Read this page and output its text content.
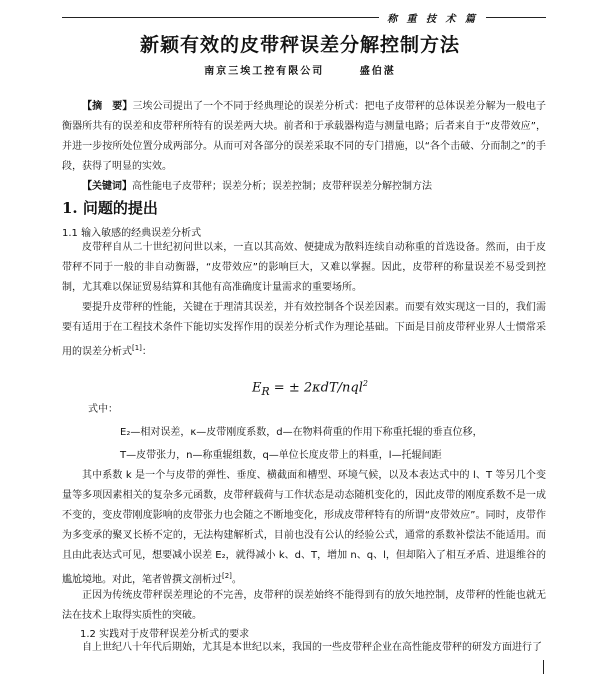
称 重 技 术 篇
新颖有效的皮带秤误差分解控制方法
南京三埃工控有限公司	盛伯湛
【摘　要】三埃公司提出了一个不同于经典理论的误差分析式：把电子皮带秤的总体误差分解为一般电子衡器所共有的误差和皮带秤所特有的误差两大块。前者和于承载器构造与测量电路；后者来自于“皮带效应”，并进一步按所处位置分成两部分。从而可对各部分的误差采取不同的专门措施，以“各个击破、分而制之”的手段，获得了明显的实效。
【关键词】高性能电子皮带秤；误差分析；误差控制；皮带秤误差分解控制方法
1. 问题的提出
1.1 输入敏感的经典误差分析式
皮带秤自从二十世纪初问世以来，一直以其高效、便捷成为散料连续自动称重的首选设备。然而，由于皮带秤不同于一般的非自动衡器，“皮带效应”的影响巨大，又难以掌握。因此，皮带秤的称量误差不易受到控制，尤其难以保证贸易结算和其他有高准确度计量需求的重要场所。
要提升皮带秤的性能，关键在于理清其误差，并有效控制各个误差因素。而要有效实现这一目的，我们需要有适用于在工程技术条件下能切实发挥作用的误差分析式作为理论基础。下面是目前皮带秤业界人士惯常采用的误差分析式[1]：
$E_R$ = ± 2κdT/nql$^2$
式中：
E₂—相对误差，κ—皮带刚度系数，d—在物料荷重的作用下称重托辊的垂直位移，
T—皮带张力，n—称重辊组数，q—单位长度皮带上的料重，l—托辊间距
其中系数 k 是一个与皮带的弹性、垂度、横截面和槽型、环境气候，以及本表达式中的 l、T 等另几个变量等多项因素相关的复杂多元函数，皮带秤载荷与工作状态是动态随机变化的，因此皮带的刚度系数不是一成不变的，变皮带刚度影响的皮带张力也会随之不断地变化，形成皮带秤特有的所谓“皮带效应”。同时，皮带作为多变承的聚叉长桥不定的，无法构建解析式，目前也没有公认的经验公式，通常的系数补偿法不能适用。而且由此表达式可见，想要减小误差 E₂，就得减小 k、d、T，增加 n、q、l，但却陷入了相互矛盾、进退维谷的尴尬境地。对此，笔者曾撰文剖析过[2]。
正因为传统皮带秤误差理论的不完善，皮带秤的误差始终不能得到有的放矢地控制，皮带秤的性能也就无法在技术上取得实质性的突破。
1.2 实践对于皮带秤误差分析式的要求
自上世纪八十年代后期始，尤其是本世纪以来，我国的一些皮带秤企业在高性能皮带秤的研发方面进行了
